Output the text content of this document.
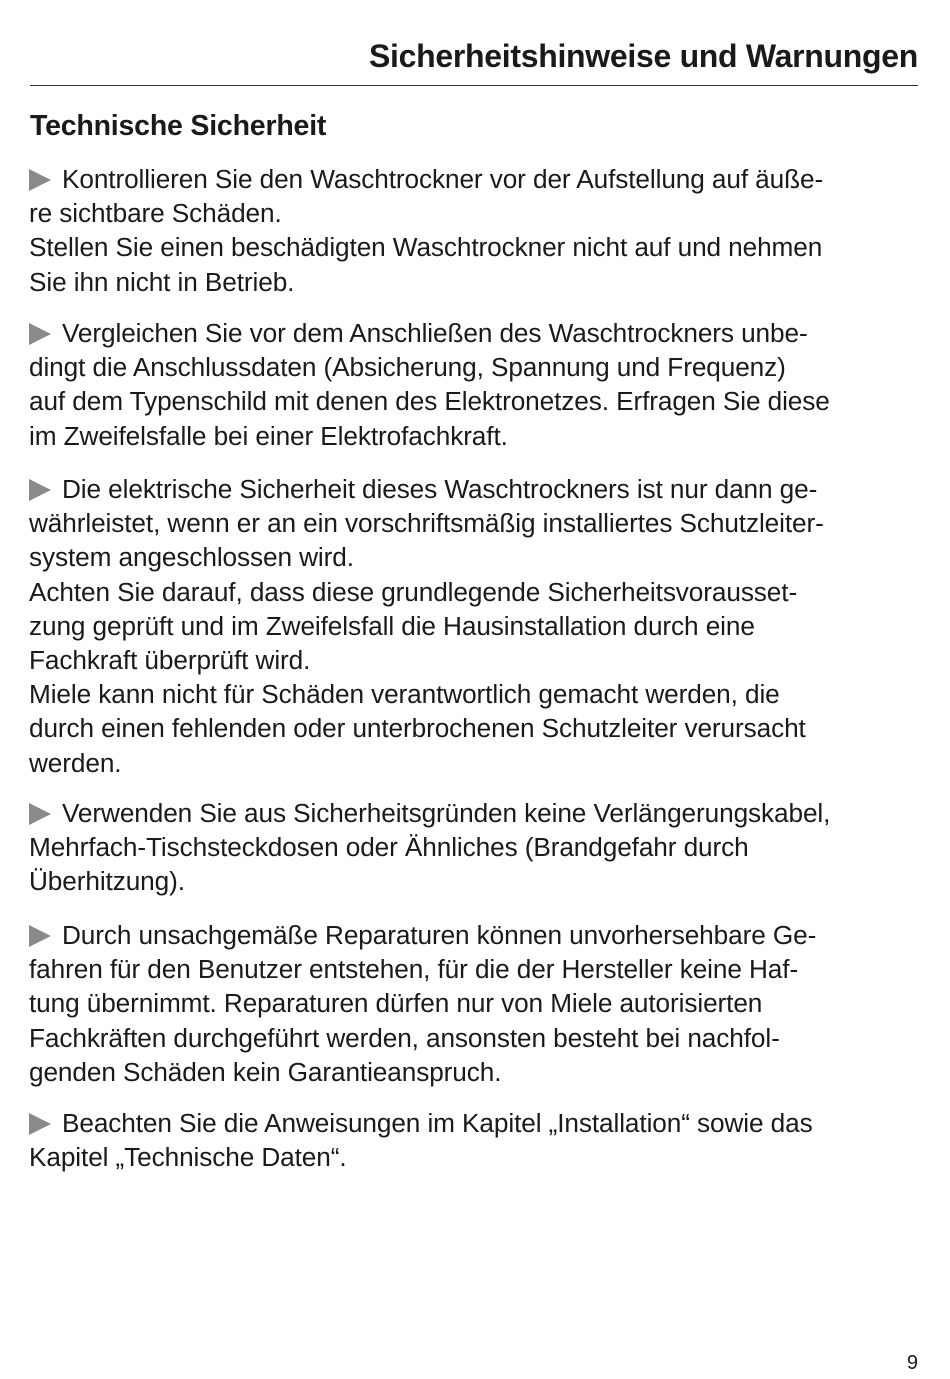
Sicherheitshinweise und Warnungen
Technische Sicherheit
Kontrollieren Sie den Waschtrockner vor der Aufstellung auf äuße-
re sichtbare Schäden.
Stellen Sie einen beschädigten Waschtrockner nicht auf und nehmen
Sie ihn nicht in Betrieb.
Vergleichen Sie vor dem Anschließen des Waschtrockners unbe-
dingt die Anschlussdaten (Absicherung, Spannung und Frequenz)
auf dem Typenschild mit denen des Elektronetzes. Erfragen Sie diese
im Zweifelsfalle bei einer Elektrofachkraft.
Die elektrische Sicherheit dieses Waschtrockners ist nur dann ge-
währleistet, wenn er an ein vorschriftsmäßig installiertes Schutzleiter-
system angeschlossen wird.
Achten Sie darauf, dass diese grundlegende Sicherheitsvorausset-
zung geprüft und im Zweifelsfall die Hausinstallation durch eine
Fachkraft überprüft wird.
Miele kann nicht für Schäden verantwortlich gemacht werden, die
durch einen fehlenden oder unterbrochenen Schutzleiter verursacht
werden.
Verwenden Sie aus Sicherheitsgründen keine Verlängerungskabel,
Mehrfach-Tischsteckdosen oder Ähnliches (Brandgefahr durch
Überhitzung).
Durch unsachgemäße Reparaturen können unvorhersehbare Ge-
fahren für den Benutzer entstehen, für die der Hersteller keine Haf-
tung übernimmt. Reparaturen dürfen nur von Miele autorisierten
Fachkräften durchgeführt werden, ansonsten besteht bei nachfol-
genden Schäden kein Garantieanspruch.
Beachten Sie die Anweisungen im Kapitel „Installation“ sowie das
Kapitel „Technische Daten“.
9
